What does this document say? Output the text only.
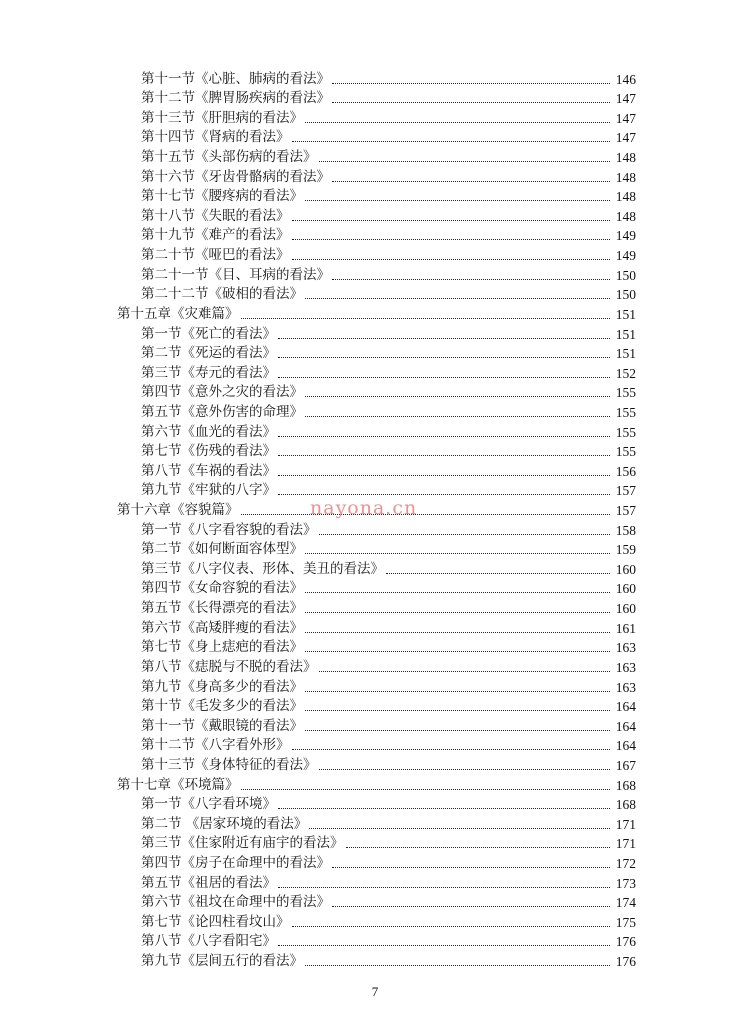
第十一节《心脏、肺病的看法》	146
第十二节《脾胃肠疾病的看法》	147
第十三节《肝胆病的看法》	147
第十四节《肾病的看法》	147
第十五节《头部伤病的看法》	148
第十六节《牙齿骨骼病的看法》	148
第十七节《腰疼病的看法》	148
第十八节《失眠的看法》	148
第十九节《难产的看法》	149
第二十节《哑巴的看法》	149
第二十一节《目、耳病的看法》	150
第二十二节《破相的看法》	150
第十五章《灾难篇》	151
第一节《死亡的看法》	151
第二节《死运的看法》	151
第三节《寿元的看法》	152
第四节《意外之灾的看法》	155
第五节《意外伤害的命理》	155
第六节《血光的看法》	155
第七节《伤残的看法》	155
第八节《车祸的看法》	156
第九节《牢狱的八字》	157
第十六章《容貌篇》	157
第一节《八字看容貌的看法》	158
第二节《如何断面容体型》	159
第三节《八字仪表、形体、美丑的看法》	160
第四节《女命容貌的看法》	160
第五节《长得漂亮的看法》	160
第六节《高矮胖瘦的看法》	161
第七节《身上痣疤的看法》	163
第八节《痣脱与不脱的看法》	163
第九节《身高多少的看法》	163
第十节《毛发多少的看法》	164
第十一节《戴眼镜的看法》	164
第十二节《八字看外形》	164
第十三节《身体特征的看法》	167
第十七章《环境篇》	168
第一节《八字看环境》	168
第二节 《居家环境的看法》	171
第三节《住家附近有庙宇的看法》	171
第四节《房子在命理中的看法》	172
第五节《祖居的看法》	173
第六节《祖坟在命理中的看法》	174
第七节《论四柱看坟山》	175
第八节《八字看阳宅》	176
第九节《层间五行的看法》	176
nayona.cn
7
